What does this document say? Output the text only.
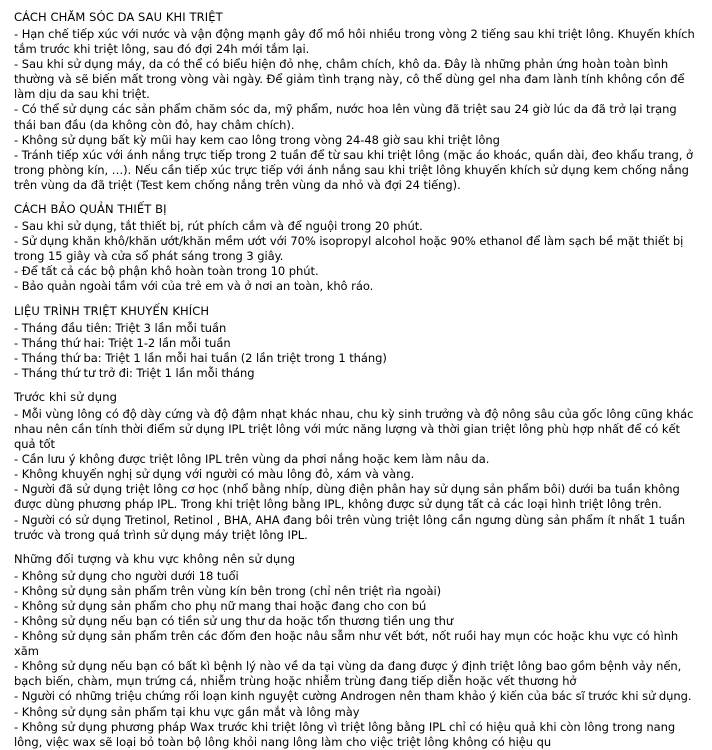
CÁCH CHĂM SÓC DA SAU KHI TRIỆT

- Hạn chế tiếp xúc với nước và vận động mạnh gây đổ mồ hôi nhiều trong vòng 2 tiếng sau khi triệt lông. Khuyến khích tắm trước khi triệt lông, sau đó đợi 24h mới tắm lại.

- Sau khi sử dụng máy, da có thể có biểu hiện đỏ nhẹ, châm chích, khô da. Đây là những phản ứng hoàn toàn bình thường và sẽ biến mất trong vòng vài ngày. Để giảm tình trạng này, cô thể dùng gel nha đam lành tính không cồn để làm dịu da sau khi triệt.

- Có thể sử dụng các sản phẩm chăm sóc da, mỹ phẩm, nước hoa lên vùng đã triệt sau 24 giờ lúc da đã trở lại trạng thái ban đầu (da không còn đỏ, hay châm chích).

- Không sử dụng bất kỳ mũi hay kem cao lông trong vòng 24-48 giờ sau khi triệt lông

- Tránh tiếp xúc với ánh nắng trực tiếp trong 2 tuần để từ sau khi triệt lông (mặc áo khoác, quần dài, đeo khẩu trang, ở trong phòng kín, …). Nếu cần tiếp xúc trực tiếp với ánh nắng sau khi triệt lông khuyến khích sử dụng kem chống nắng trên vùng da đã triệt (Test kem chống nắng trên vùng da nhỏ và đợi 24 tiếng).

CÁCH BẢO QUẢN THIẾT BỊ

- Sau khi sử dụng, tắt thiết bị, rút phích cắm và để nguội trong 20 phút.

- Sử dụng khăn khô/khăn ướt/khăn mềm ướt với 70% isopropyl alcohol hoặc 90% ethanol để làm sạch bề mặt thiết bị trong 15 giây và cửa sổ phát sáng trong 3 giây.

- Để tất cả các bộ phận khô hoàn toàn trong 10 phút.

- Bảo quản ngoài tầm với của trẻ em và ở nơi an toàn, khô ráo.

LIỆU TRÌNH TRIỆT KHUYẾN KHÍCH

- Tháng đầu tiên: Triệt 3 lần mỗi tuần

- Tháng thứ hai: Triệt 1-2 lần mỗi tuần

- Tháng thứ ba: Triệt 1 lần mỗi hai tuần (2 lần triệt trong 1 tháng)

- Tháng thứ tư trở đi: Triệt 1 lần mỗi tháng

Trước khi sử dụng

- Mỗi vùng lông có độ dày cứng và độ đậm nhạt khác nhau, chu kỳ sinh trưởng và độ nông sâu của gốc lông cũng khác nhau nên cần tính thời điểm sử dụng IPL triệt lông với mức năng lượng và thời gian triệt lông phù hợp nhất để có kết quả tốt

- Cần lưu ý không được triệt lông IPL trên vùng da phơi nắng hoặc kem làm nâu da.

- Không khuyến nghị sử dụng với người có màu lông đỏ, xám và vàng.

- Người đã sử dụng triệt lông cơ học (nhổ bằng nhíp, dùng điện phân hay sử dụng sản phẩm bôi) dưới ba tuần không được dùng phương pháp IPL. Trong khi triệt lông bằng IPL, không được sử dụng tất cả các loại hình triệt lông trên.

- Người có sử dụng Tretinol, Retinol , BHA, AHA đang bôi trên vùng triệt lông cần ngưng dùng sản phẩm ít nhất 1 tuần trước và trong quá trình sử dụng máy triệt lông IPL.

Những đối tượng và khu vực không nên sử dụng

- Không sử dụng cho người dưới 18 tuổi

- Không sử dụng sản phẩm trên vùng kín bên trong (chỉ nên triệt rìa ngoài)

- Không sử dụng sản phẩm cho phụ nữ mang thai hoặc đang cho con bú

- Không sử dụng nếu bạn có tiền sử ung thư da hoặc tổn thương tiền ung thư

- Không sử dụng sản phẩm trên các đốm đen hoặc nâu sẫm như vết bớt, nốt ruồi hay mụn cóc hoặc khu vực có hình xăm

- Không sử dụng nếu bạn có bất kì bệnh lý nào về da tại vùng da đang được ý định triệt lông bao gồm bệnh vảy nến, bạch biến, chàm, mụn trứng cá, nhiễm trùng hoặc nhiễm trùng đang tiếp diễn hoặc vết thương hở

- Người có những triệu chứng rối loạn kinh nguyệt cường Androgen nên tham khảo ý kiến của bác sĩ trước khi sử dụng.

- Không sử dụng sản phẩm tại khu vực gần mắt và lông mày

- Không sử dụng phương pháp Wax trước khi triệt lông vì triệt lông bằng IPL chỉ có hiệu quả khi còn lông trong nang lông, việc wax sẽ loại bỏ toàn bộ lông khỏi nang lông làm cho việc triệt lông không có hiệu qu
